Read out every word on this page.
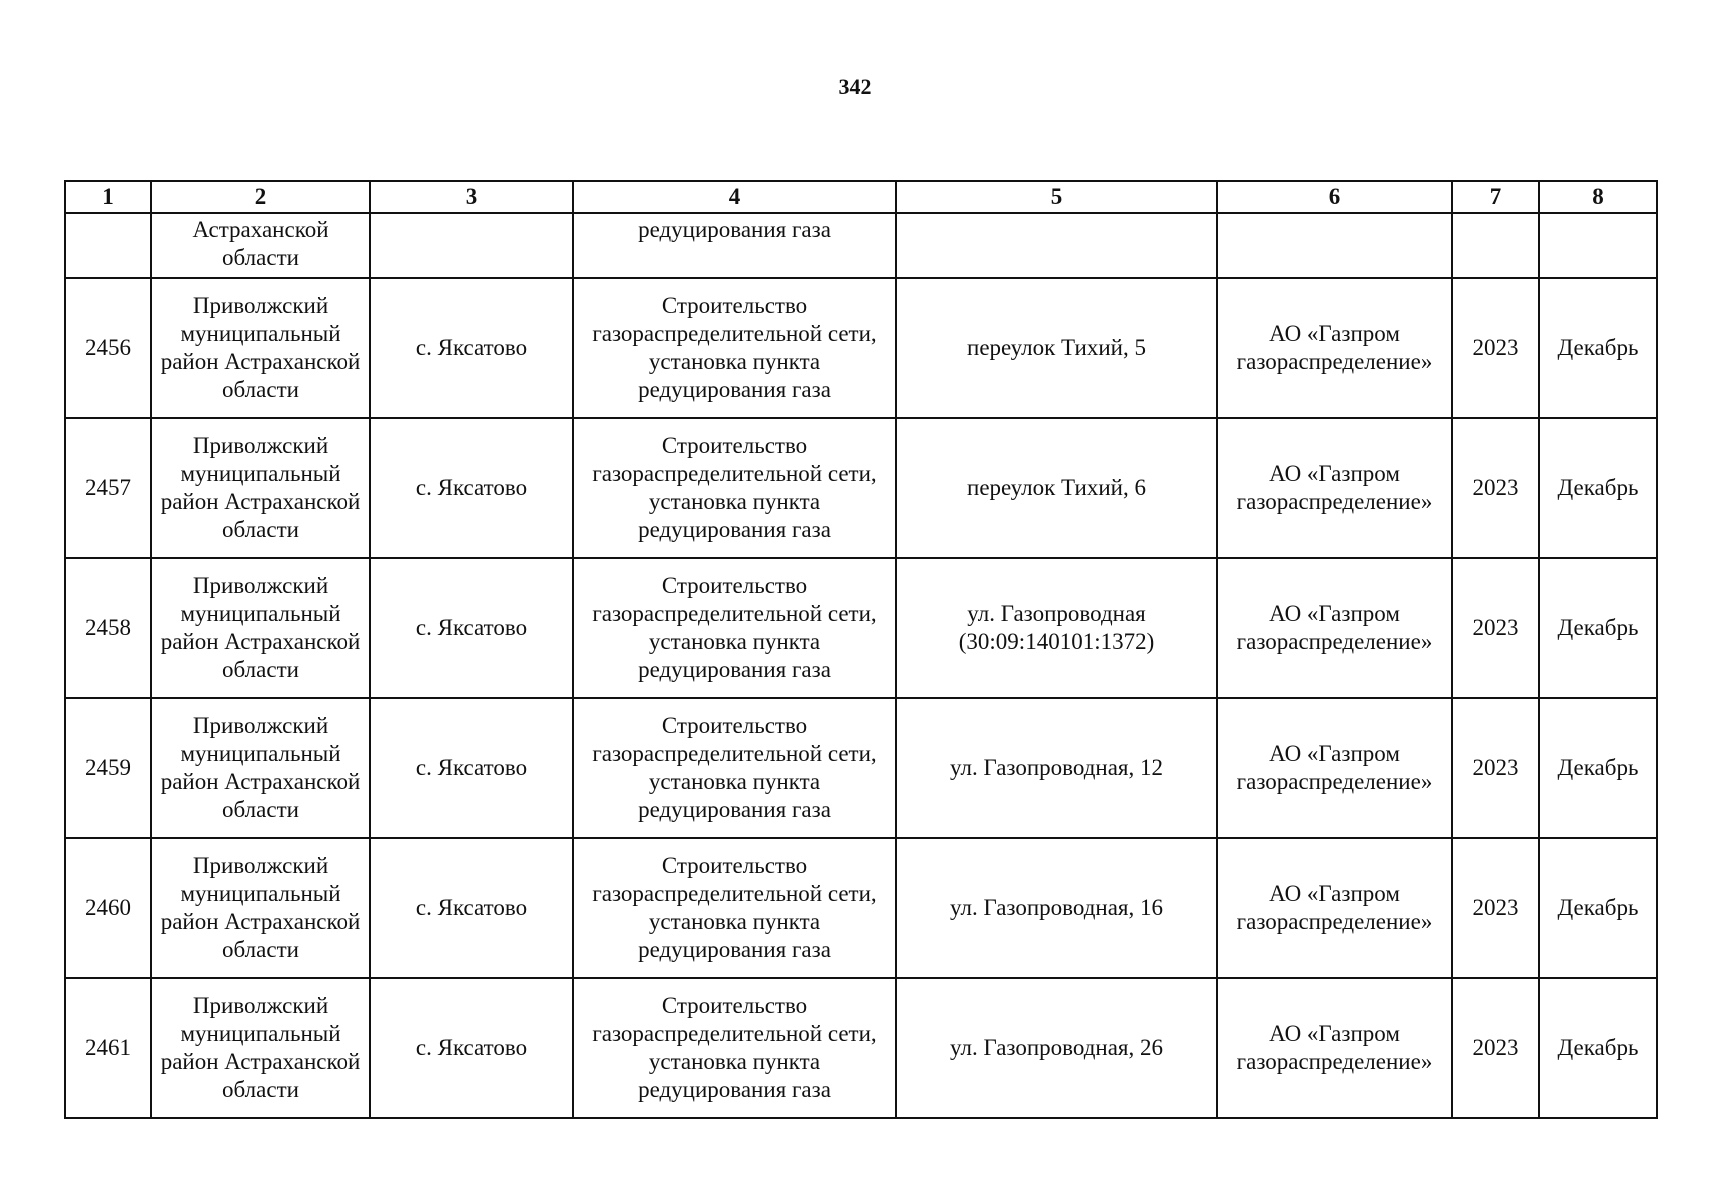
342
1	2	3	4	5	6	7	8
	Астраханской области		редуцирования газа				
2456	Приволжский муниципальный район Астраханской области	с. Яксатово	Строительство газораспределительной сети, установка пункта редуцирования газа	переулок Тихий, 5	АО «Газпром газораспределение»	2023	Декабрь
2457	Приволжский муниципальный район Астраханской области	с. Яксатово	Строительство газораспределительной сети, установка пункта редуцирования газа	переулок Тихий, 6	АО «Газпром газораспределение»	2023	Декабрь
2458	Приволжский муниципальный район Астраханской области	с. Яксатово	Строительство газораспределительной сети, установка пункта редуцирования газа	ул. Газопроводная (30:09:140101:1372)	АО «Газпром газораспределение»	2023	Декабрь
2459	Приволжский муниципальный район Астраханской области	с. Яксатово	Строительство газораспределительной сети, установка пункта редуцирования газа	ул. Газопроводная, 12	АО «Газпром газораспределение»	2023	Декабрь
2460	Приволжский муниципальный район Астраханской области	с. Яксатово	Строительство газораспределительной сети, установка пункта редуцирования газа	ул. Газопроводная, 16	АО «Газпром газораспределение»	2023	Декабрь
2461	Приволжский муниципальный район Астраханской области	с. Яксатово	Строительство газораспределительной сети, установка пункта редуцирования газа	ул. Газопроводная, 26	АО «Газпром газораспределение»	2023	Декабрь
